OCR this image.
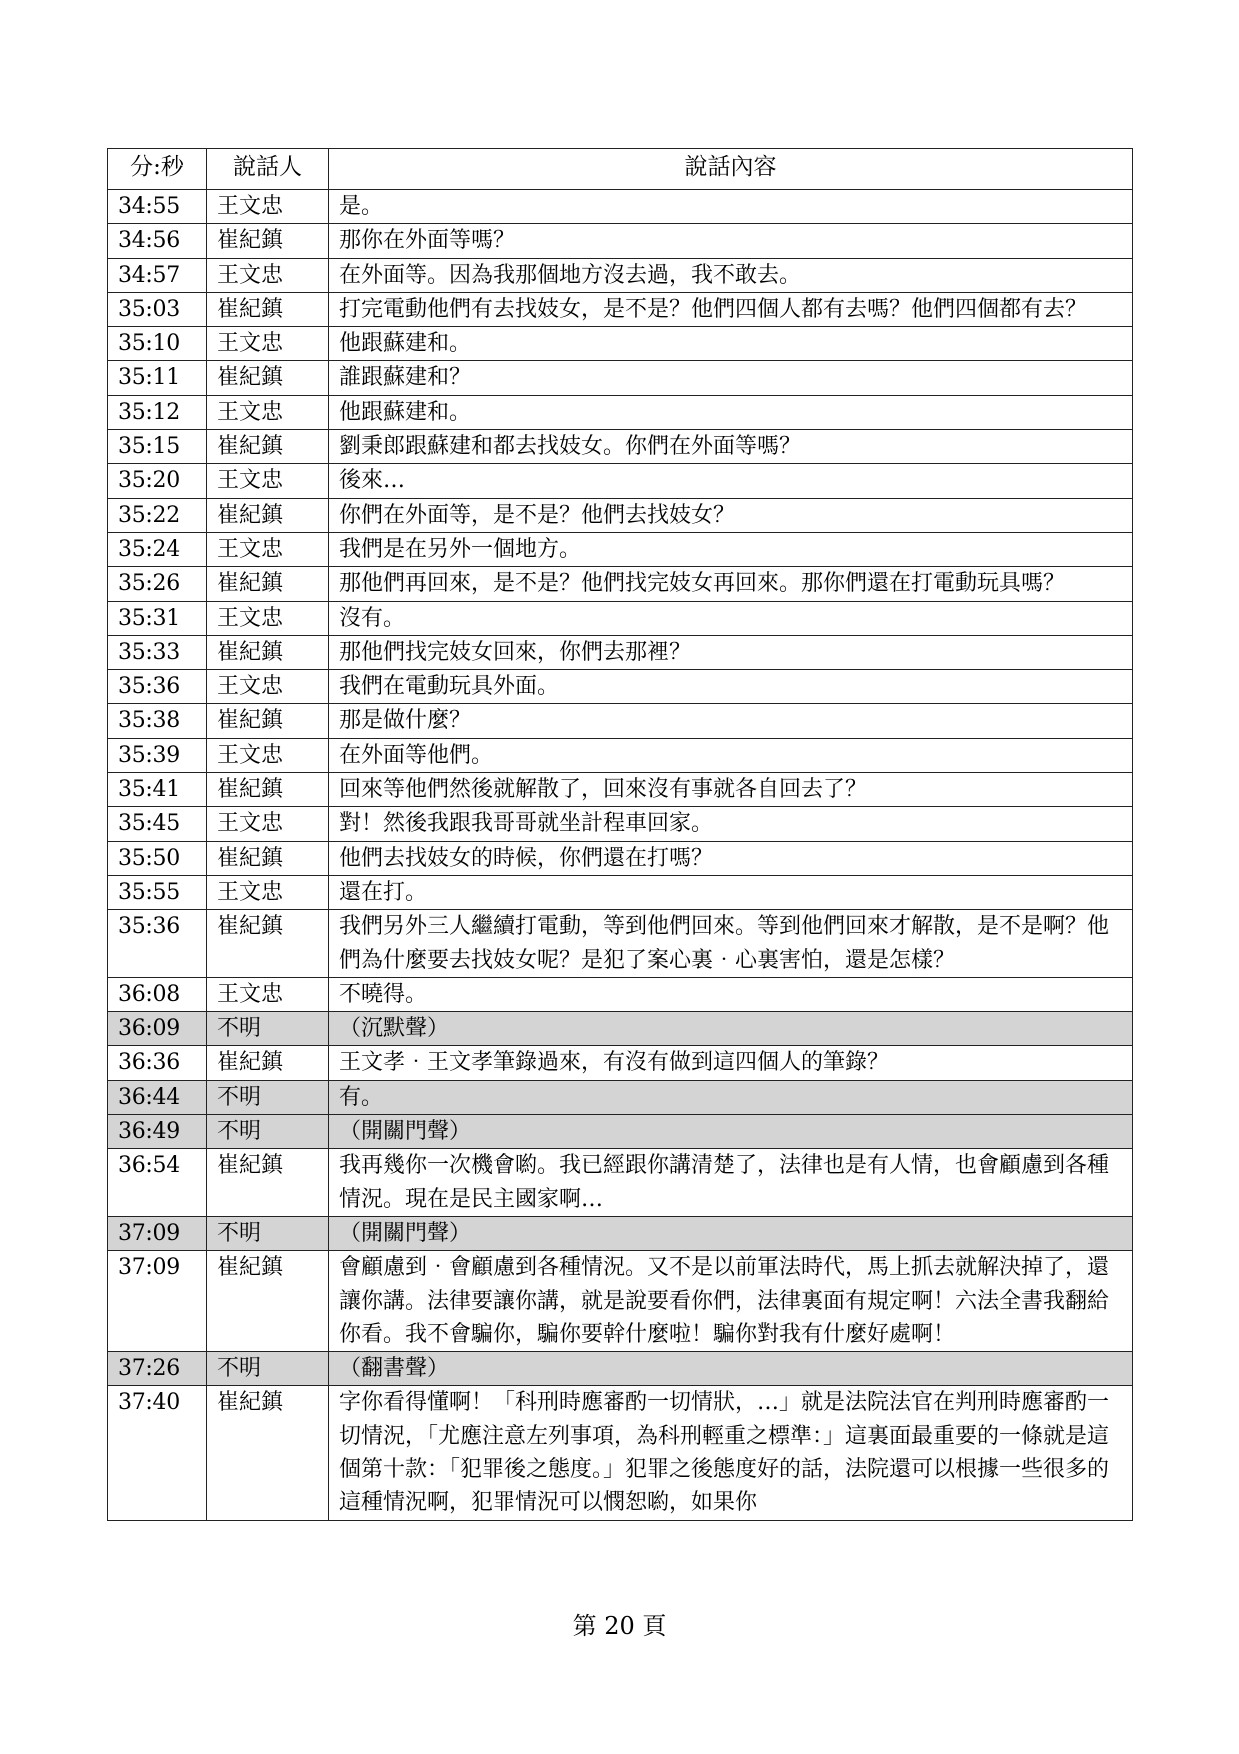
分:秒	說話人	說話內容
34:55	王文忠	是。
34:56	崔紀鎮	那你在外面等嗎？
34:57	王文忠	在外面等。因為我那個地方沒去過，我不敢去。
35:03	崔紀鎮	打完電動他們有去找妓女，是不是？他們四個人都有去嗎？他們四個都有去？
35:10	王文忠	他跟蘇建和。
35:11	崔紀鎮	誰跟蘇建和？
35:12	王文忠	他跟蘇建和。
35:15	崔紀鎮	劉秉郎跟蘇建和都去找妓女。你們在外面等嗎？
35:20	王文忠	後來…
35:22	崔紀鎮	你們在外面等，是不是？他們去找妓女？
35:24	王文忠	我們是在另外一個地方。
35:26	崔紀鎮	那他們再回來，是不是？他們找完妓女再回來。那你們還在打電動玩具嗎？
35:31	王文忠	沒有。
35:33	崔紀鎮	那他們找完妓女回來，你們去那裡？
35:36	王文忠	我們在電動玩具外面。
35:38	崔紀鎮	那是做什麼？
35:39	王文忠	在外面等他們。
35:41	崔紀鎮	回來等他們然後就解散了，回來沒有事就各自回去了？
35:45	王文忠	對！然後我跟我哥哥就坐計程車回家。
35:50	崔紀鎮	他們去找妓女的時候，你們還在打嗎？
35:55	王文忠	還在打。
35:36	崔紀鎮	我們另外三人繼續打電動，等到他們回來。等到他們回來才解散，是不是啊？他們為什麼要去找妓女呢？是犯了案心裏‧心裏害怕，還是怎樣？
36:08	王文忠	不曉得。
36:09	不明	（沉默聲）
36:36	崔紀鎮	王文孝‧王文孝筆錄過來，有沒有做到這四個人的筆錄？
36:44	不明	有。
36:49	不明	（開關門聲）
36:54	崔紀鎮	我再幾你一次機會喲。我已經跟你講清楚了，法律也是有人情，也會顧慮到各種情況。現在是民主國家啊…
37:09	不明	（開關門聲）
37:09	崔紀鎮	會顧慮到‧會顧慮到各種情況。又不是以前軍法時代，馬上抓去就解決掉了，還讓你講。法律要讓你講，就是說要看你們，法律裏面有規定啊！六法全書我翻給你看。我不會騙你，騙你要幹什麼啦！騙你對我有什麼好處啊！
37:26	不明	（翻書聲）
37:40	崔紀鎮	字你看得懂啊！「科刑時應審酌一切情狀，…」就是法院法官在判刑時應審酌一切情況，「尤應注意左列事項，為科刑輕重之標準：」這裏面最重要的一條就是這個第十款：「犯罪後之態度。」犯罪之後態度好的話，法院還可以根據一些很多的這種情況啊，犯罪情況可以憫恕喲，如果你
第 20 頁
